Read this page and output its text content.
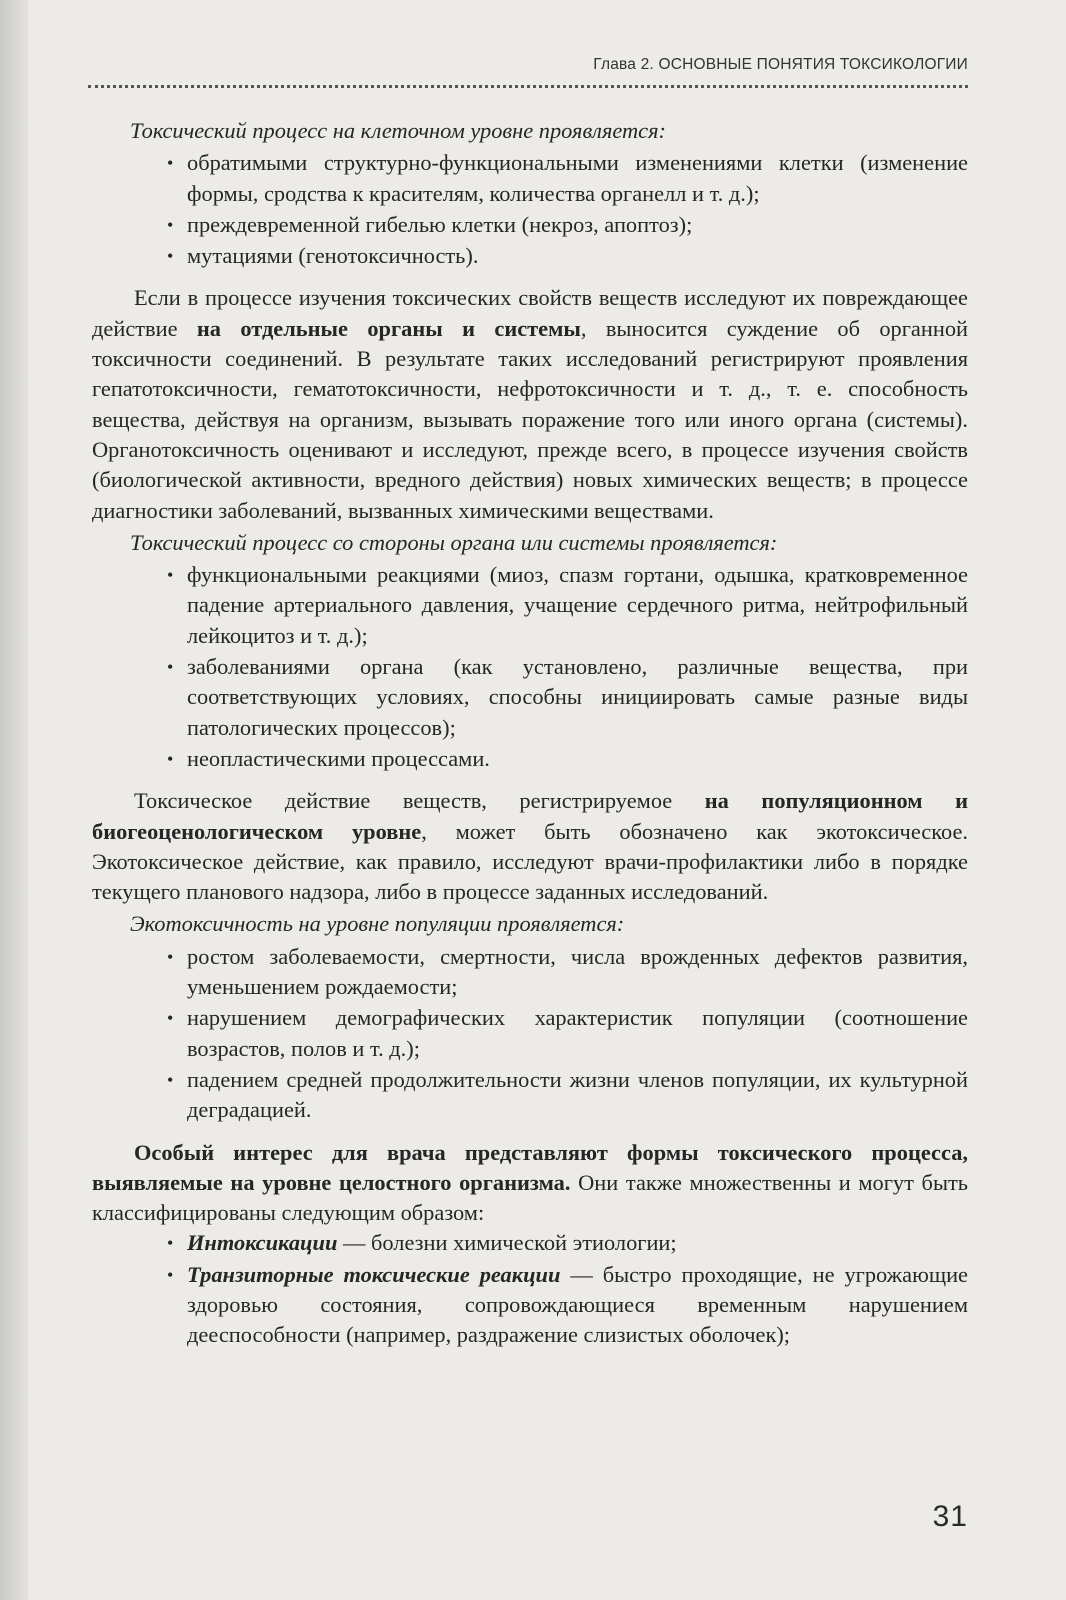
Глава 2. ОСНОВНЫЕ ПОНЯТИЯ ТОКСИКОЛОГИИ

Токсический процесс на клеточном уровне проявляется:

• обратимыми структурно-функциональными изменениями клетки (изменение формы, сродства к красителям, количества органелл и т. д.);
• преждевременной гибелью клетки (некроз, апоптоз);
• мутациями (генотоксичность).

Если в процессе изучения токсических свойств веществ исследуют их повреждающее действие на отдельные органы и системы, выносится суждение об органной токсичности соединений. В результате таких исследований регистрируют проявления гепатотоксичности, гематотоксичности, нефротоксичности и т. д., т. е. способность вещества, действуя на организм, вызывать поражение того или иного органа (системы). Органотоксичность оценивают и исследуют, прежде всего, в процессе изучения свойств (биологической активности, вредного действия) новых химических веществ; в процессе диагностики заболеваний, вызванных химическими веществами.

Токсический процесс со стороны органа или системы проявляется:

• функциональными реакциями (миоз, спазм гортани, одышка, кратковременное падение артериального давления, учащение сердечного ритма, нейтрофильный лейкоцитоз и т. д.);
• заболеваниями органа (как установлено, различные вещества, при соответствующих условиях, способны инициировать самые разные виды патологических процессов);
• неопластическими процессами.

Токсическое действие веществ, регистрируемое на популяционном и биогеоценологическом уровне, может быть обозначено как экотоксическое. Экотоксическое действие, как правило, исследуют врачи-профилактики либо в порядке текущего планового надзора, либо в процессе заданных исследований.

Экотоксичность на уровне популяции проявляется:

• ростом заболеваемости, смертности, числа врожденных дефектов развития, уменьшением рождаемости;
• нарушением демографических характеристик популяции (соотношение возрастов, полов и т. д.);
• падением средней продолжительности жизни членов популяции, их культурной деградацией.

Особый интерес для врача представляют формы токсического процесса, выявляемые на уровне целостного организма. Они также множественны и могут быть классифицированы следующим образом:

• Интоксикации — болезни химической этиологии;
• Транзиторные токсические реакции — быстро проходящие, не угрожающие здоровью состояния, сопровождающиеся временным нарушением дееспособности (например, раздражение слизистых оболочек);
31
